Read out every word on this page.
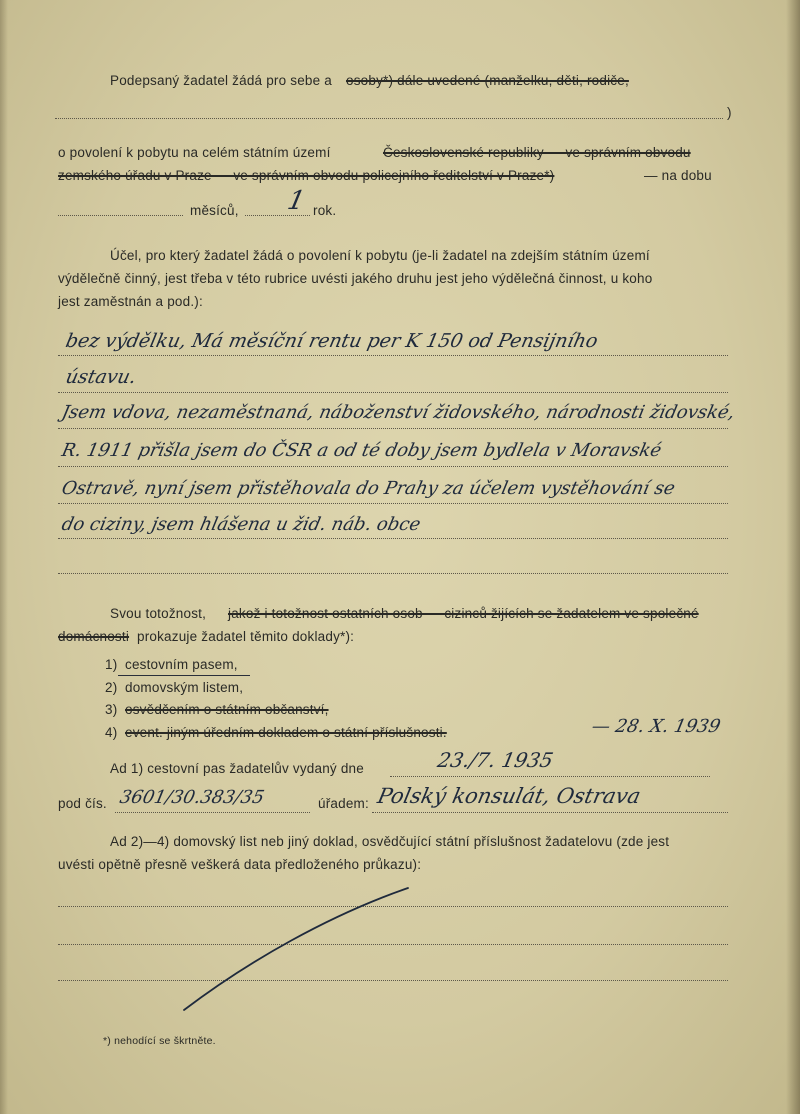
Podepsaný žadatel žádá pro sebe a osoby*) dále uvedené (manželku, děti, rodiče,
)
o povolení k pobytu na celém státním území	Československé republiky — ve správním obvodu
zemského úřadu v Praze — ve správním obvodu policejního ředitelství v Praze*)	— na dobu
měsíců, 1 rok.
Účel, pro který žadatel žádá o povolení k pobytu (je-li žadatel na zdejším státním území
výdělečně činný, jest třeba v této rubrice uvésti jakého druhu jest jeho výdělečná činnost, u koho
jest zaměstnán a pod.):
bez výdělku, Má měsíční rentu per K 150 od Pensijního
ústavu.
Jsem vdova, nezaměstnaná, náboženství židovského, národnosti židovské,
R. 1911 přišla jsem do ČSR a od té doby jsem bydlela v Moravské
Ostravě, nyní jsem přistěhovala do Prahy za účelem vystěhování se
do ciziny, jsem hlášena u žid. náb. obce
Svou totožnost, jakož i totožnost ostatních osob — cizinců žijících se žadatelem ve společné
domácnosti prokazuje žadatel těmito doklady*):
1) cestovním pasem,
2) domovským listem,
3) osvědčením o státním občanství,
4) event. jiným úředním dokladem o státní příslušnosti.	— 28. X. 1939
Ad 1) cestovní pas žadatelův vydaný dne	23./7. 1935
pod čís. 3601/30.383/35	úřadem: Polský konsulát, Ostrava
Ad 2)—4) domovský list neb jiný doklad, osvědčující státní příslušnost žadatelovu (zde jest
uvésti opětně přesně veškerá data předloženého průkazu):
*) nehodící se škrtněte.
